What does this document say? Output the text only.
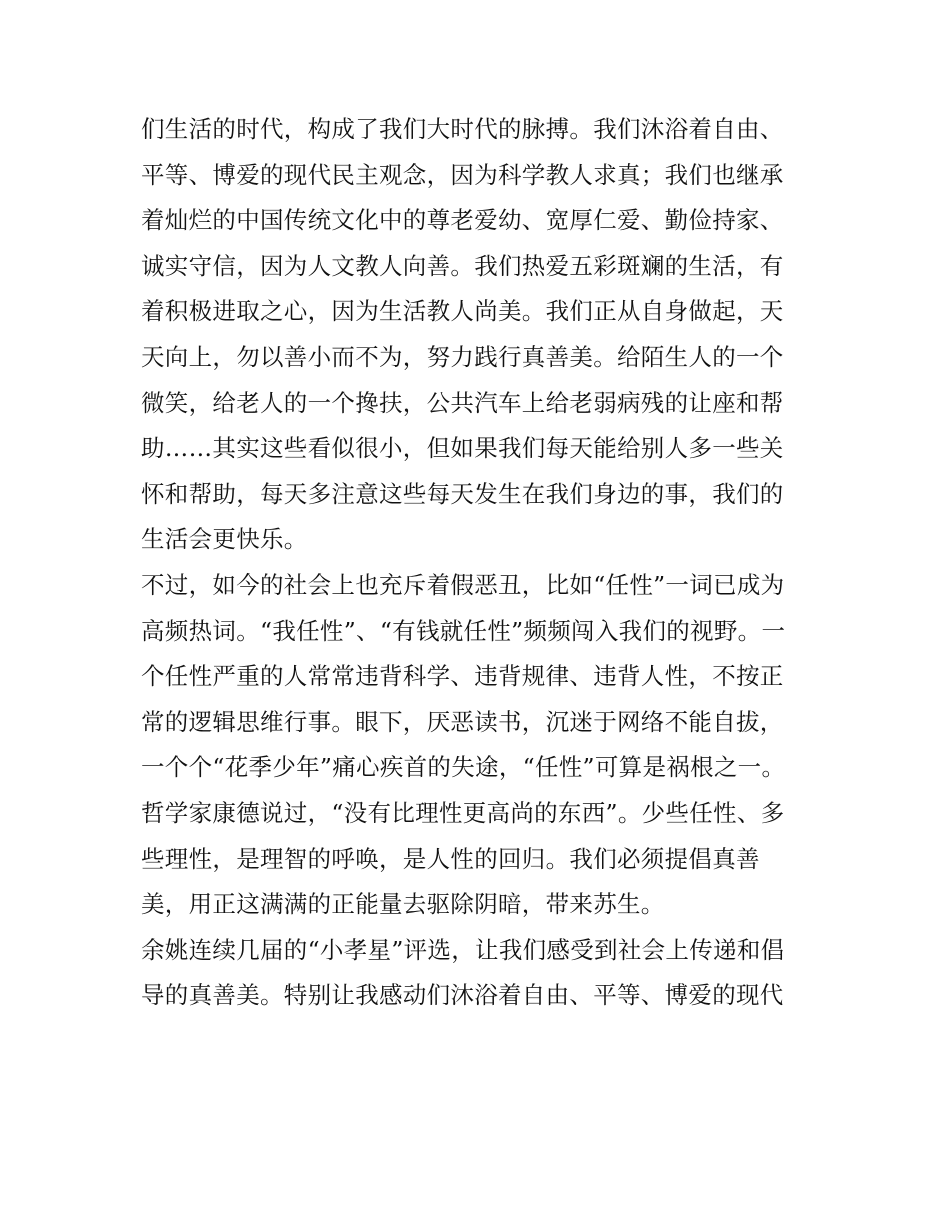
们生活的时代，构成了我们大时代的脉搏。我们沐浴着自由、
平等、博爱的现代民主观念，因为科学教人求真；我们也继承
着灿烂的中国传统文化中的尊老爱幼、宽厚仁爱、勤俭持家、
诚实守信，因为人文教人向善。我们热爱五彩斑斓的生活，有
着积极进取之心，因为生活教人尚美。我们正从自身做起，天
天向上，勿以善小而不为，努力践行真善美。给陌生人的一个
微笑，给老人的一个搀扶，公共汽车上给老弱病残的让座和帮
助……其实这些看似很小，但如果我们每天能给别人多一些关
怀和帮助，每天多注意这些每天发生在我们身边的事，我们的
生活会更快乐。
不过，如今的社会上也充斥着假恶丑，比如“任性”一词已成为
高频热词。“我任性”、“有钱就任性”频频闯入我们的视野。一
个任性严重的人常常违背科学、违背规律、违背人性，不按正
常的逻辑思维行事。眼下，厌恶读书，沉迷于网络不能自拔，
一个个“花季少年”痛心疾首的失途，“任性”可算是祸根之一。
哲学家康德说过，“没有比理性更高尚的东西”。少些任性、多
些理性，是理智的呼唤，是人性的回归。我们必须提倡真善
美，用正这满满的正能量去驱除阴暗，带来苏生。
余姚连续几届的“小孝星”评选，让我们感受到社会上传递和倡
导的真善美。特别让我感动们沐浴着自由、平等、博爱的现代
